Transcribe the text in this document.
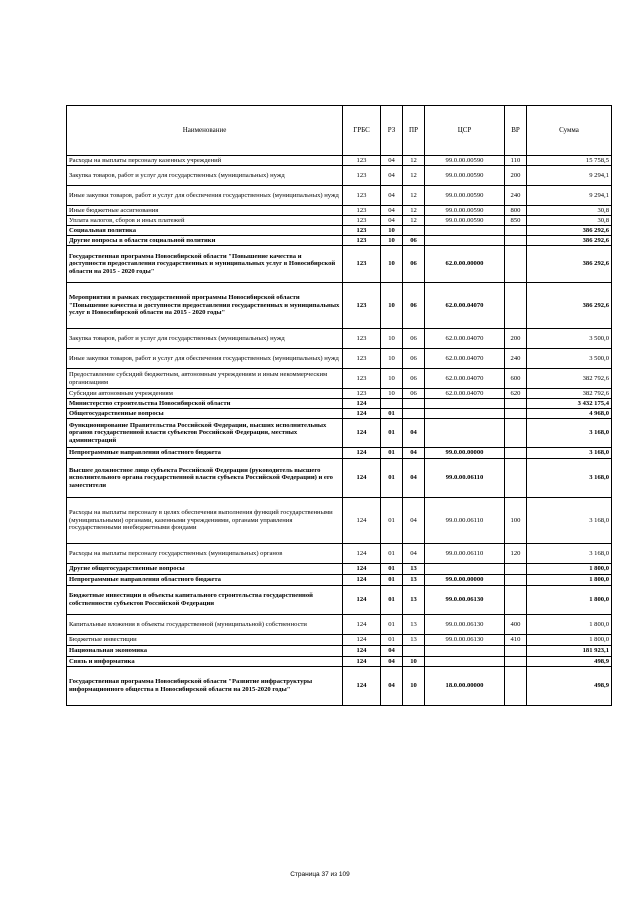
Наименование	ГРБС	РЗ	ПР	ЦСР	ВР	Сумма
Расходы на выплаты персоналу казенных учреждений	123	04	12	99.0.00.00590	110	15 758,5
Закупка товаров, работ и услуг для государственных (муниципальных) нужд	123	04	12	99.0.00.00590	200	9 294,1
Иные закупки товаров, работ и услуг для обеспечения государственных (муниципальных) нужд	123	04	12	99.0.00.00590	240	9 294,1
Иные бюджетные ассигнования	123	04	12	99.0.00.00590	800	30,8
Уплата налогов, сборов и иных платежей	123	04	12	99.0.00.00590	850	30,8
Социальная политика	123	10				386 292,6
Другие вопросы в области социальной политики	123	10	06			386 292,6
Государственная программа Новосибирской области "Повышение качества и доступности предоставления государственных и муниципальных услуг в Новосибирской области на 2015 - 2020 годы"	123	10	06	62.0.00.00000		386 292,6
Мероприятия в рамках государственной программы Новосибирской области "Повышение качества и доступности предоставления государственных и муниципальных услуг в Новосибирской области на 2015 - 2020 годы"	123	10	06	62.0.00.04070		386 292,6
Закупка товаров, работ и услуг для государственных (муниципальных) нужд	123	10	06	62.0.00.04070	200	3 500,0
Иные закупки товаров, работ и услуг для обеспечения государственных (муниципальных) нужд	123	10	06	62.0.00.04070	240	3 500,0
Предоставление субсидий бюджетным, автономным учреждениям и иным некоммерческим организациям	123	10	06	62.0.00.04070	600	382 792,6
Субсидии автономным учреждениям	123	10	06	62.0.00.04070	620	382 792,6
Министерство строительства Новосибирской области	124					3 432 175,4
Общегосударственные вопросы	124	01				4 968,0
Функционирование Правительства Российской Федерации, высших исполнительных органов государственной власти субъектов Российской Федерации, местных администраций	124	01	04			3 168,0
Непрограммные направления областного бюджета	124	01	04	99.0.00.00000		3 168,0
Высшее должностное лицо субъекта Российской Федерации (руководитель высшего исполнительного органа государственной власти субъекта Российской Федерации) и его заместители	124	01	04	99.0.00.06110		3 168,0
Расходы на выплаты персоналу в целях обеспечения выполнения функций государственными (муниципальными) органами, казенными учреждениями, органами управления государственными внебюджетными фондами	124	01	04	99.0.00.06110	100	3 168,0
Расходы на выплаты персоналу государственных (муниципальных) органов	124	01	04	99.0.00.06110	120	3 168,0
Другие общегосударственные вопросы	124	01	13			1 800,0
Непрограммные направления областного бюджета	124	01	13	99.0.00.00000		1 800,0
Бюджетные инвестиции в объекты капитального строительства государственной собственности субъектов Российской Федерации	124	01	13	99.0.00.06130		1 800,0
Капитальные вложения в объекты государственной (муниципальной) собственности	124	01	13	99.0.00.06130	400	1 800,0
Бюджетные инвестиции	124	01	13	99.0.00.06130	410	1 800,0
Национальная экономика	124	04				181 923,1
Связь и информатика	124	04	10			498,9
Государственная программа Новосибирской области "Развитие инфраструктуры информационного общества в Новосибирской области на 2015-2020 годы"	124	04	10	18.0.00.00000		498,9
Страница 37 из 109
